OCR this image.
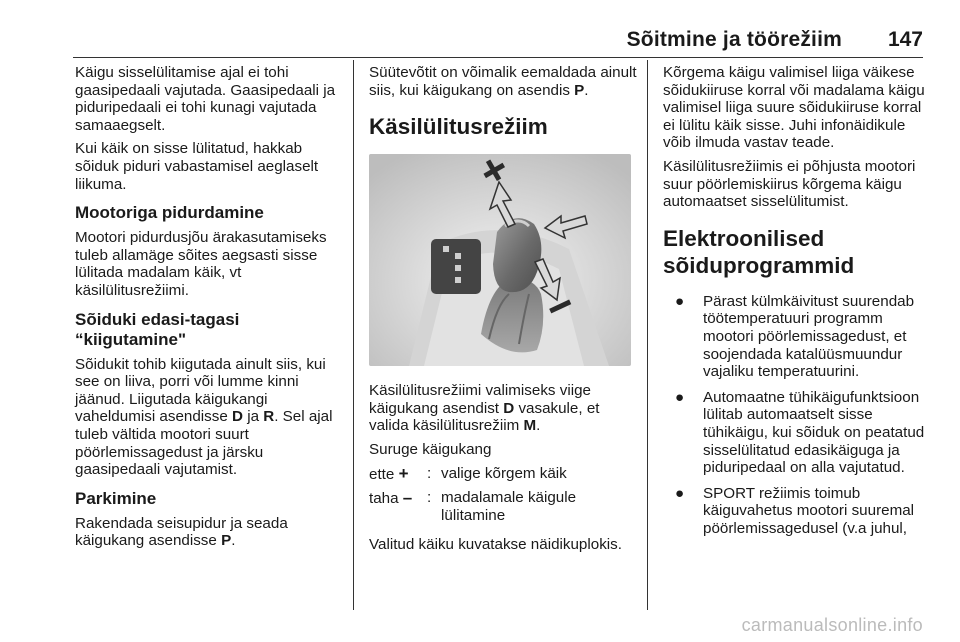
Sõitmine ja töörežiim 147

Käigu sisselülitamise ajal ei tohi gaasipedaali vajutada. Gaasipedaali ja piduripedaali ei tohi kunagi vajutada samaaegselt.

Kui käik on sisse lülitatud, hakkab sõiduk piduri vabastamisel aeglaselt liikuma.

Mootoriga pidurdamine

Mootori pidurdusjõu ärakasutamiseks tuleb allamäge sõites aegsasti sisse lülitada madalam käik, vt käsilülitusrežiimi.

Sõiduki edasi-tagasi “kiigutamine"

Sõidukit tohib kiigutada ainult siis, kui see on liiva, porri või lumme kinni jäänud. Liigutada käigukangi vaheldumisi asendisse D ja R. Sel ajal tuleb vältida mootori suurt pöörlemissagedust ja järsku gaasipedaali vajutamist.

Parkimine

Rakendada seisupidur ja seada käigukang asendisse P.

Süütevõtit on võimalik eemaldada ainult siis, kui käigukang on asendis P.

Käsilülitusrežiim

Käsilülitusrežiimi valimiseks viige käigukang asendist D vasakule, et valida käsilülitusrežiim M.

Suruge käigukang

ette +	: valige kõrgem käik
taha – : madalamale käigule lülitamine

Valitud käiku kuvatakse näidikuplokis.

Kõrgema käigu valimisel liiga väikese sõidukiiruse korral või madalama käigu valimisel liiga suure sõidukiiruse korral ei lülitu käik sisse. Juhi infonäidikule võib ilmuda vastav teade.

Käsilülitusrežiimis ei põhjusta mootori suur pöörlemiskiirus kõrgema käigu automaatset sisselülitumist.

Elektroonilised sõiduprogrammid
● Pärast külmkäivitust suurendab töötemperatuuri programm mootori pöörlemissagedust, et soojendada katalüüsmuundur vajaliku temperatuurini.
● Automaatne tühikäigufunktsioon lülitab automaatselt sisse tühikäigu, kui sõiduk on peatatud sisselülitatud edasikäiguga ja piduripedaal on alla vajutatud.
● SPORT režiimis toimub käiguvahetus mootori suuremal pöörlemissagedusel (v.a juhul,
carmanualsonline.info
